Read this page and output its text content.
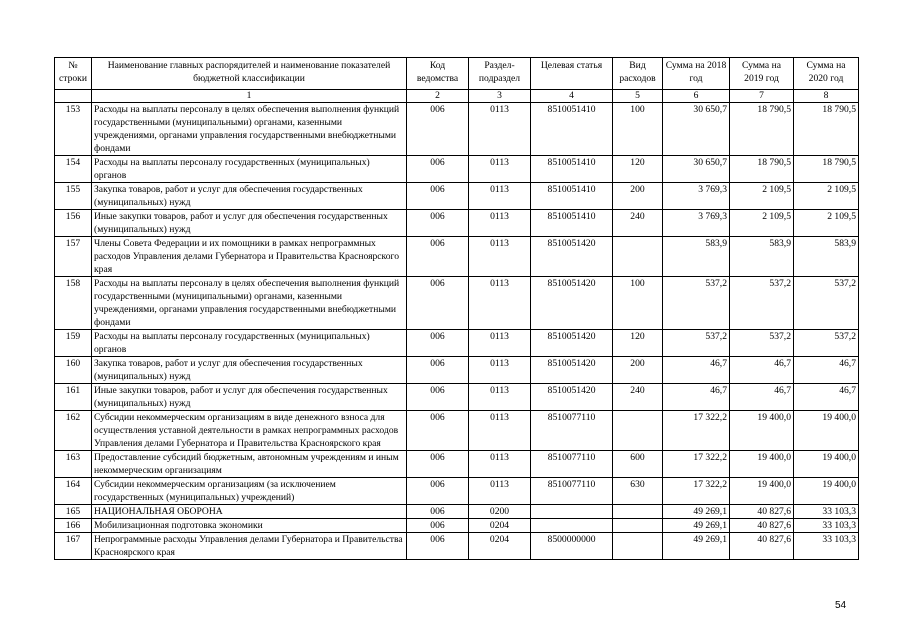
№ строки	Наименование главных распорядителей и наименование показателей бюджетной классификации	Код ведомства	Раздел-подраздел	Целевая статья	Вид расходов	Сумма на 2018 год	Сумма на 2019 год	Сумма на 2020 год
	1	2	3	4	5	6	7	8
153	Расходы на выплаты персоналу в целях обеспечения выполнения функций государственными (муниципальными) органами, казенными учреждениями, органами управления государственными внебюджетными фондами	006	0113	8510051410	100	30 650,7	18 790,5	18 790,5
154	Расходы на выплаты персоналу государственных (муниципальных) органов	006	0113	8510051410	120	30 650,7	18 790,5	18 790,5
155	Закупка товаров, работ и услуг для обеспечения государственных (муниципальных) нужд	006	0113	8510051410	200	3 769,3	2 109,5	2 109,5
156	Иные закупки товаров, работ и услуг для обеспечения государственных (муниципальных) нужд	006	0113	8510051410	240	3 769,3	2 109,5	2 109,5
157	Члены Совета Федерации и их помощники в рамках непрограммных расходов Управления делами Губернатора и Правительства Красноярского края	006	0113	8510051420		583,9	583,9	583,9
158	Расходы на выплаты персоналу в целях обеспечения выполнения функций государственными (муниципальными) органами, казенными учреждениями, органами управления государственными внебюджетными фондами	006	0113	8510051420	100	537,2	537,2	537,2
159	Расходы на выплаты персоналу государственных (муниципальных) органов	006	0113	8510051420	120	537,2	537,2	537,2
160	Закупка товаров, работ и услуг для обеспечения государственных (муниципальных) нужд	006	0113	8510051420	200	46,7	46,7	46,7
161	Иные закупки товаров, работ и услуг для обеспечения государственных (муниципальных) нужд	006	0113	8510051420	240	46,7	46,7	46,7
162	Субсидии некоммерческим организациям в виде денежного взноса для осуществления уставной деятельности в рамках непрограммных расходов Управления делами Губернатора и Правительства Красноярского края	006	0113	8510077110		17 322,2	19 400,0	19 400,0
163	Предоставление субсидий бюджетным, автономным учреждениям и иным некоммерческим организациям	006	0113	8510077110	600	17 322,2	19 400,0	19 400,0
164	Субсидии некоммерческим организациям (за исключением государственных (муниципальных) учреждений)	006	0113	8510077110	630	17 322,2	19 400,0	19 400,0
165	НАЦИОНАЛЬНАЯ ОБОРОНА	006	0200			49 269,1	40 827,6	33 103,3
166	Мобилизационная подготовка экономики	006	0204			49 269,1	40 827,6	33 103,3
167	Непрограммные расходы Управления делами Губернатора и Правительства Красноярского края	006	0204	8500000000		49 269,1	40 827,6	33 103,3
54
